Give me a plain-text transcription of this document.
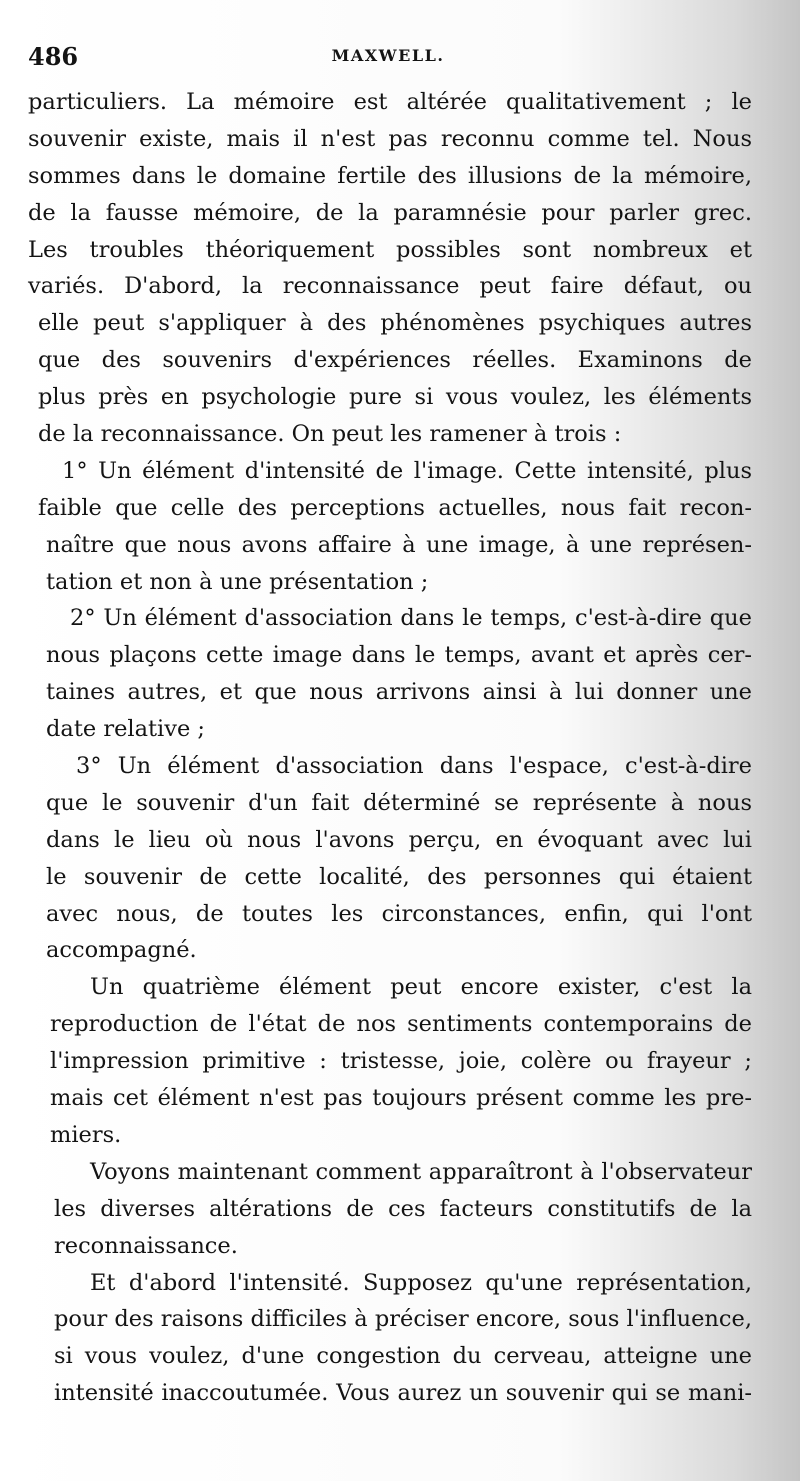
486	MAXWELL.
particuliers. La mémoire est altérée qualitativement ; le
souvenir existe, mais il n'est pas reconnu comme tel. Nous
sommes dans le domaine fertile des illusions de la mémoire,
de la fausse mémoire, de la paramnésie pour parler grec.
Les troubles théoriquement possibles sont nombreux et
variés. D'abord, la reconnaissance peut faire défaut, ou
elle peut s'appliquer à des phénomènes psychiques autres
que des souvenirs d'expériences réelles. Examinons de
plus près en psychologie pure si vous voulez, les éléments
de la reconnaissance. On peut les ramener à trois :
1° Un élément d'intensité de l'image. Cette intensité, plus
faible que celle des perceptions actuelles, nous fait recon-
naître que nous avons affaire à une image, à une représen-
tation et non à une présentation ;
2° Un élément d'association dans le temps, c'est-à-dire que
nous plaçons cette image dans le temps, avant et après cer-
taines autres, et que nous arrivons ainsi à lui donner une
date relative ;
3° Un élément d'association dans l'espace, c'est-à-dire
que le souvenir d'un fait déterminé se représente à nous
dans le lieu où nous l'avons perçu, en évoquant avec lui
le souvenir de cette localité, des personnes qui étaient
avec nous, de toutes les circonstances, enfin, qui l'ont
accompagné.
Un quatrième élément peut encore exister, c'est la
reproduction de l'état de nos sentiments contemporains de
l'impression primitive : tristesse, joie, colère ou frayeur ;
mais cet élément n'est pas toujours présent comme les pre-
miers.
Voyons maintenant comment apparaîtront à l'observateur
les diverses altérations de ces facteurs constitutifs de la
reconnaissance.
Et d'abord l'intensité. Supposez qu'une représentation,
pour des raisons difficiles à préciser encore, sous l'influence,
si vous voulez, d'une congestion du cerveau, atteigne une
intensité inaccoutumée. Vous aurez un souvenir qui se mani-
